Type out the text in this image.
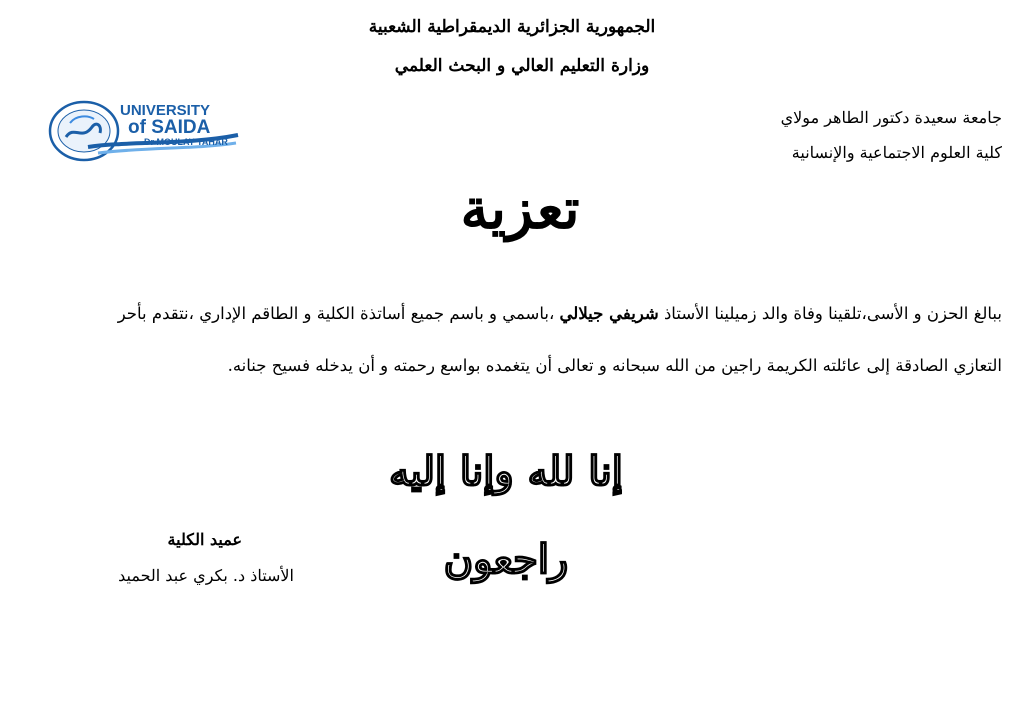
الجمهورية الجزائرية الديمقراطية الشعبية
وزارة التعليم العالي و البحث العلمي
UNIVERSITY
of SAIDA
Dr MOULAY TAHAR
جامعة سعيدة دكتور الطاهر مولاي
كلية العلوم الاجتماعية والإنسانية
تعزية
ببالغ الحزن و الأسى،تلقينا وفاة والد زميلينا الأستاذ شريفي جيلالي ،باسمي و باسم جميع أساتذة الكلية و الطاقم الإداري ،نتقدم بأحر
التعازي الصادقة إلى عائلته الكريمة راجين من الله سبحانه و تعالى أن يتغمده بواسع رحمته و أن يدخله فسيح جنانه.
إنا لله وإنا إليه راجعون
عميد الكلية
الأستاذ د. بكري عبد الحميد
